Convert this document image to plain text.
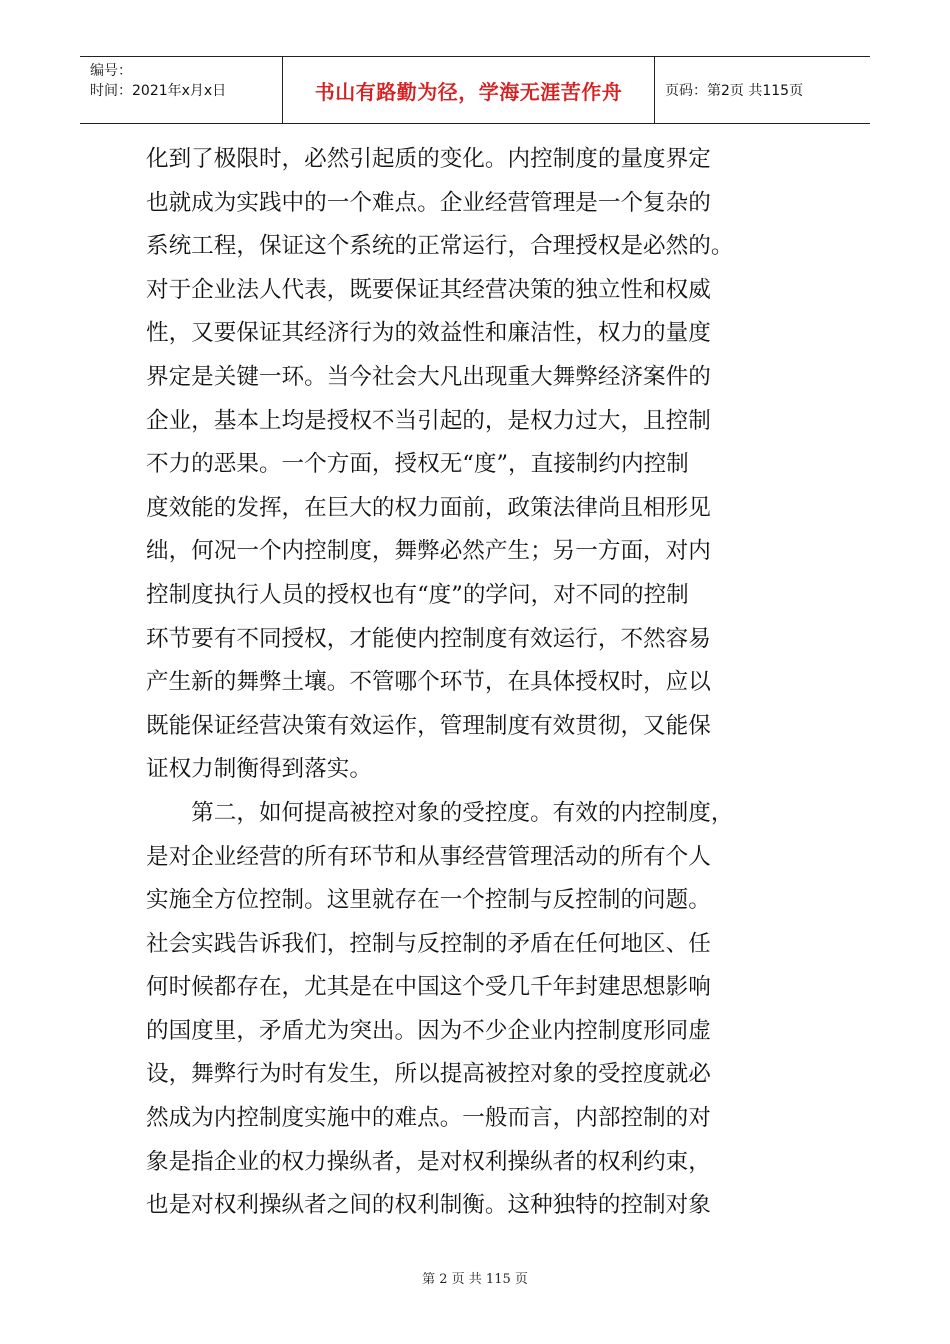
编号：
时间：2021年x月x日	书山有路勤为径，学海无涯苦作舟	页码：第2页 共115页
化到了极限时，必然引起质的变化。内控制度的量度界定
也就成为实践中的一个难点。企业经营管理是一个复杂的
系统工程，保证这个系统的正常运行，合理授权是必然的。
对于企业法人代表，既要保证其经营决策的独立性和权威
性，又要保证其经济行为的效益性和廉洁性，权力的量度
界定是关键一环。当今社会大凡出现重大舞弊经济案件的
企业，基本上均是授权不当引起的，是权力过大，且控制
不力的恶果。一个方面，授权无“度”，直接制约内控制
度效能的发挥，在巨大的权力面前，政策法律尚且相形见
绌，何况一个内控制度，舞弊必然产生；另一方面，对内
控制度执行人员的授权也有“度”的学问，对不同的控制
环节要有不同授权，才能使内控制度有效运行，不然容易
产生新的舞弊土壤。不管哪个环节，在具体授权时，应以
既能保证经营决策有效运作，管理制度有效贯彻，又能保
证权力制衡得到落实。
　　第二，如何提高被控对象的受控度。有效的内控制度，
是对企业经营的所有环节和从事经营管理活动的所有个人
实施全方位控制。这里就存在一个控制与反控制的问题。
社会实践告诉我们，控制与反控制的矛盾在任何地区、任
何时候都存在，尤其是在中国这个受几千年封建思想影响
的国度里，矛盾尤为突出。因为不少企业内控制度形同虚
设，舞弊行为时有发生，所以提高被控对象的受控度就必
然成为内控制度实施中的难点。一般而言，内部控制的对
象是指企业的权力操纵者，是对权利操纵者的权利约束，
也是对权利操纵者之间的权利制衡。这种独特的控制对象
第 2 页 共 115 页
